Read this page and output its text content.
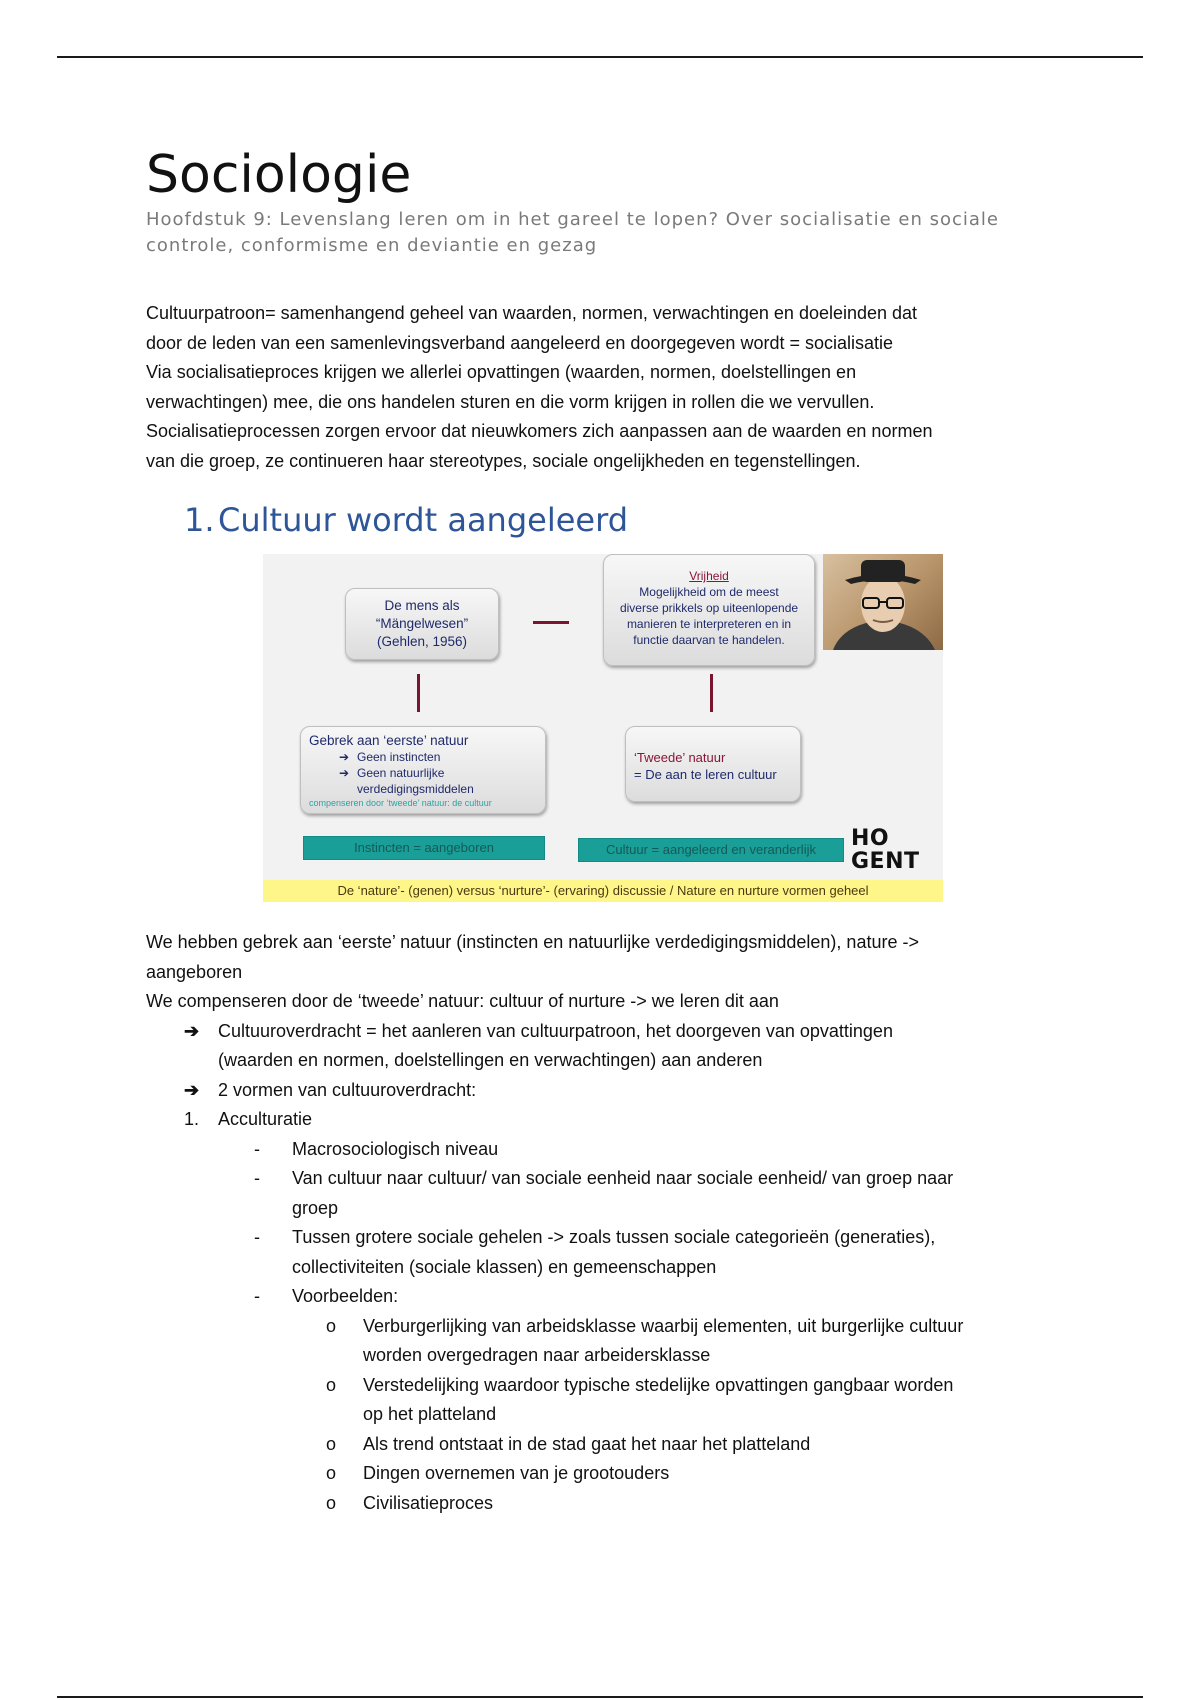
Sociologie
Hoofdstuk 9: Levenslang leren om in het gareel te lopen? Over socialisatie en sociale
controle, conformisme en deviantie en gezag

Cultuurpatroon= samenhangend geheel van waarden, normen, verwachtingen en doeleinden dat

door de leden van een samenlevingsverband aangeleerd en doorgegeven wordt = socialisatie

Via socialisatieproces krijgen we allerlei opvattingen (waarden, normen, doelstellingen en

verwachtingen) mee, die ons handelen sturen en die vorm krijgen in rollen die we vervullen.

Socialisatieprocessen zorgen ervoor dat nieuwkomers zich aanpassen aan de waarden en normen

van die groep, ze continueren haar stereotypes, sociale ongelijkheden en tegenstellingen.

1. Cultuur wordt aangeleerd
De mens als
“Mängelwesen”
(Gehlen, 1956)
Vrijheid
Mogelijkheid om de meest
diverse prikkels op uiteenlopende
manieren te interpreteren en in
functie daarvan te handelen.
Gebrek aan ‘eerste’ natuur
➔ Geen instincten
➔ Geen natuurlijke verdedigingsmiddelen
compenseren door ‘tweede’ natuur: de cultuur
‘Tweede’ natuur
= De aan te leren cultuur
Instincten = aangeboren	Cultuur = aangeleerd en veranderlijk	HO
GENT
De ‘nature’- (genen) versus ‘nurture’- (ervaring) discussie / Nature en nurture vormen geheel

We hebben gebrek aan ‘eerste’ natuur (instincten en natuurlijke verdedigingsmiddelen), nature ->

aangeboren

We compenseren door de ‘tweede’ natuur: cultuur of nurture -> we leren dit aan

➔	Cultuuroverdracht = het aanleren van cultuurpatroon, het doorgeven van opvattingen
(waarden en normen, doelstellingen en verwachtingen) aan anderen
➔	2 vormen van cultuuroverdracht:
1.	Acculturatie
-	Macrosociologisch niveau
-	Van cultuur naar cultuur/ van sociale eenheid naar sociale eenheid/ van groep naar
groep
-	Tussen grotere sociale gehelen -> zoals tussen sociale categorieën (generaties),
collectiviteiten (sociale klassen) en gemeenschappen
-	Voorbeelden:
o	Verburgerlijking van arbeidsklasse waarbij elementen, uit burgerlijke cultuur
worden overgedragen naar arbeidersklasse
o	Verstedelijking waardoor typische stedelijke opvattingen gangbaar worden
op het platteland
o	Als trend ontstaat in de stad gaat het naar het platteland
o	Dingen overnemen van je grootouders
o	Civilisatieproces
